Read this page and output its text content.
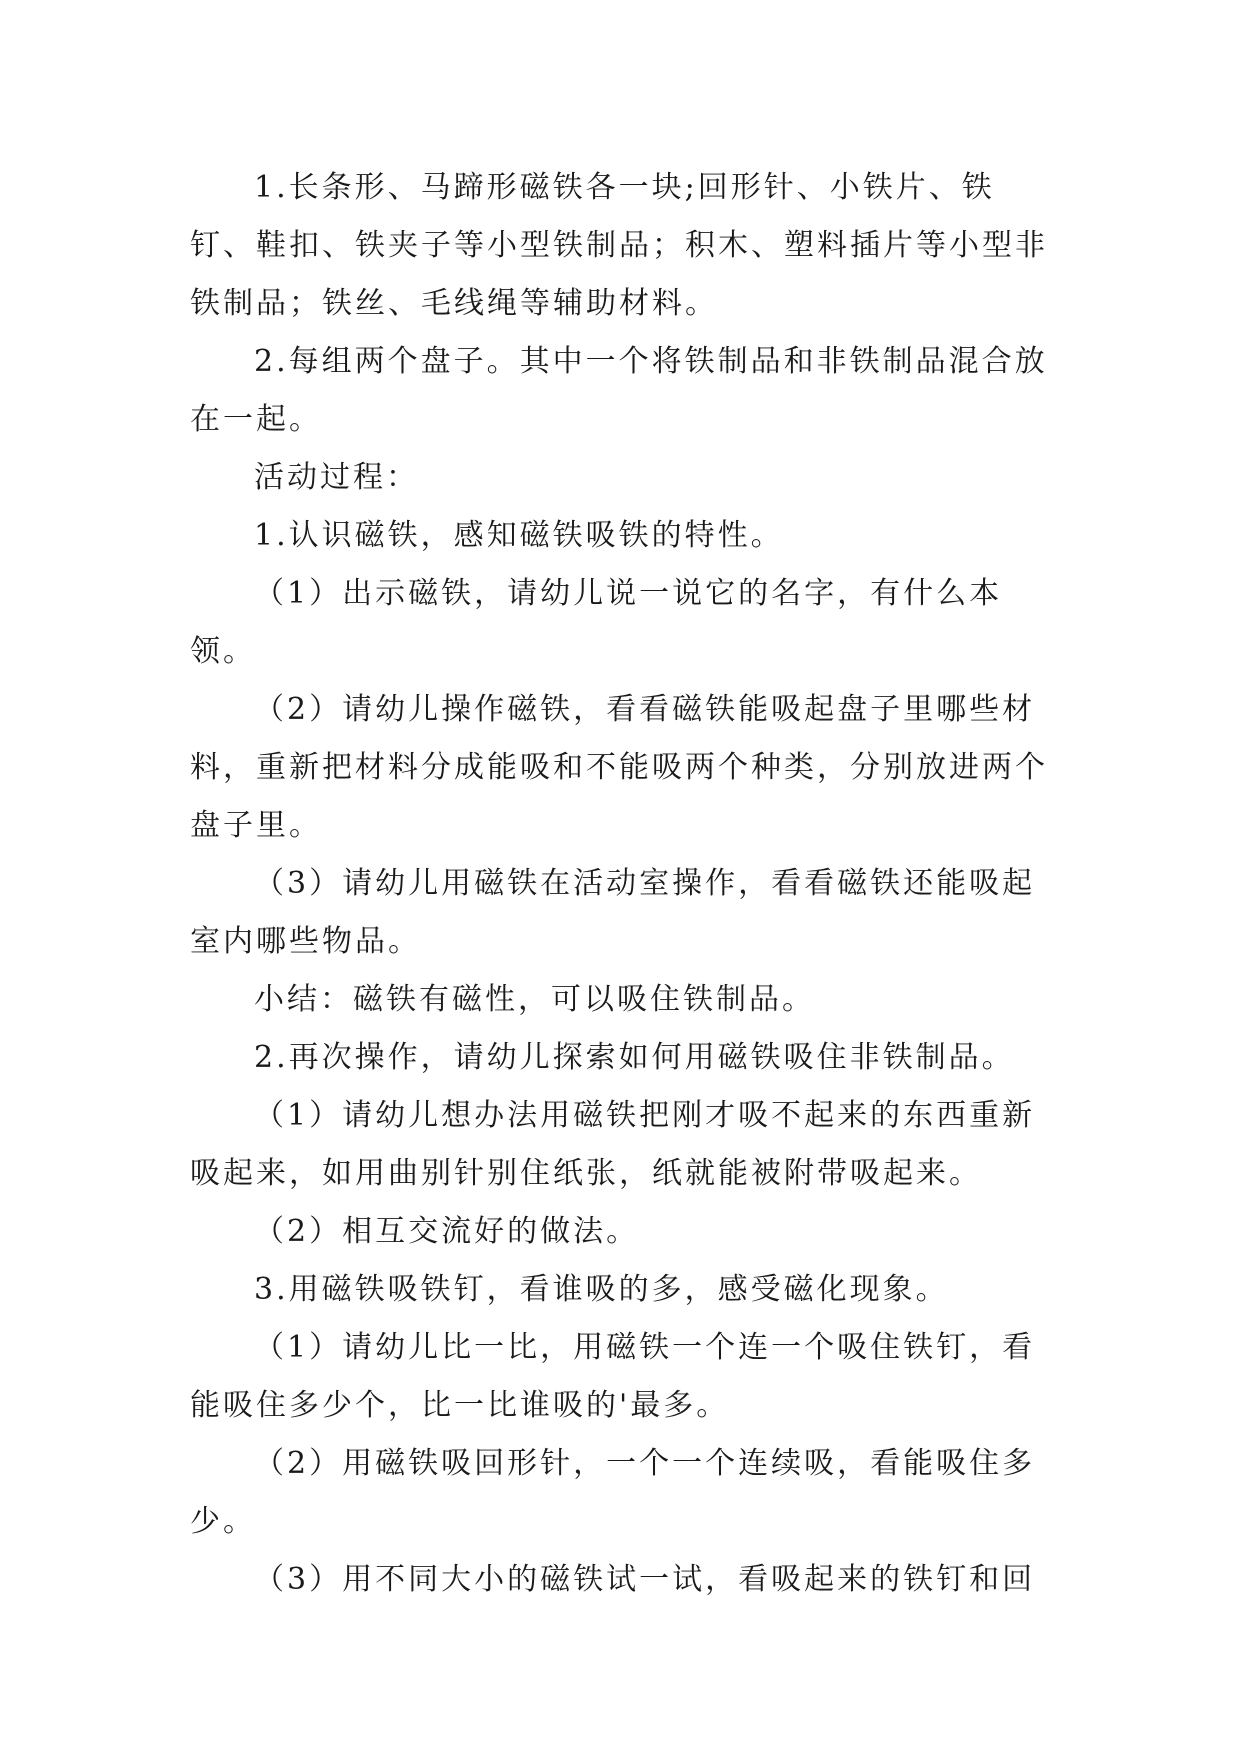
1.长条形、马蹄形磁铁各一块;回形针、小铁片、铁钉、鞋扣、铁夹子等小型铁制品；积木、塑料插片等小型非铁制品；铁丝、毛线绳等辅助材料。

2.每组两个盘子。其中一个将铁制品和非铁制品混合放在一起。

活动过程：

1.认识磁铁，感知磁铁吸铁的特性。

（1）出示磁铁，请幼儿说一说它的名字，有什么本领。

（2）请幼儿操作磁铁，看看磁铁能吸起盘子里哪些材料，重新把材料分成能吸和不能吸两个种类，分别放进两个盘子里。

（3）请幼儿用磁铁在活动室操作，看看磁铁还能吸起室内哪些物品。

小结：磁铁有磁性，可以吸住铁制品。

2.再次操作，请幼儿探索如何用磁铁吸住非铁制品。

（1）请幼儿想办法用磁铁把刚才吸不起来的东西重新吸起来，如用曲别针别住纸张，纸就能被附带吸起来。

（2）相互交流好的做法。

3.用磁铁吸铁钉，看谁吸的多，感受磁化现象。

（1）请幼儿比一比，用磁铁一个连一个吸住铁钉，看能吸住多少个，比一比谁吸的'最多。

（2）用磁铁吸回形针，一个一个连续吸，看能吸住多少。

（3）用不同大小的磁铁试一试，看吸起来的铁钉和回
